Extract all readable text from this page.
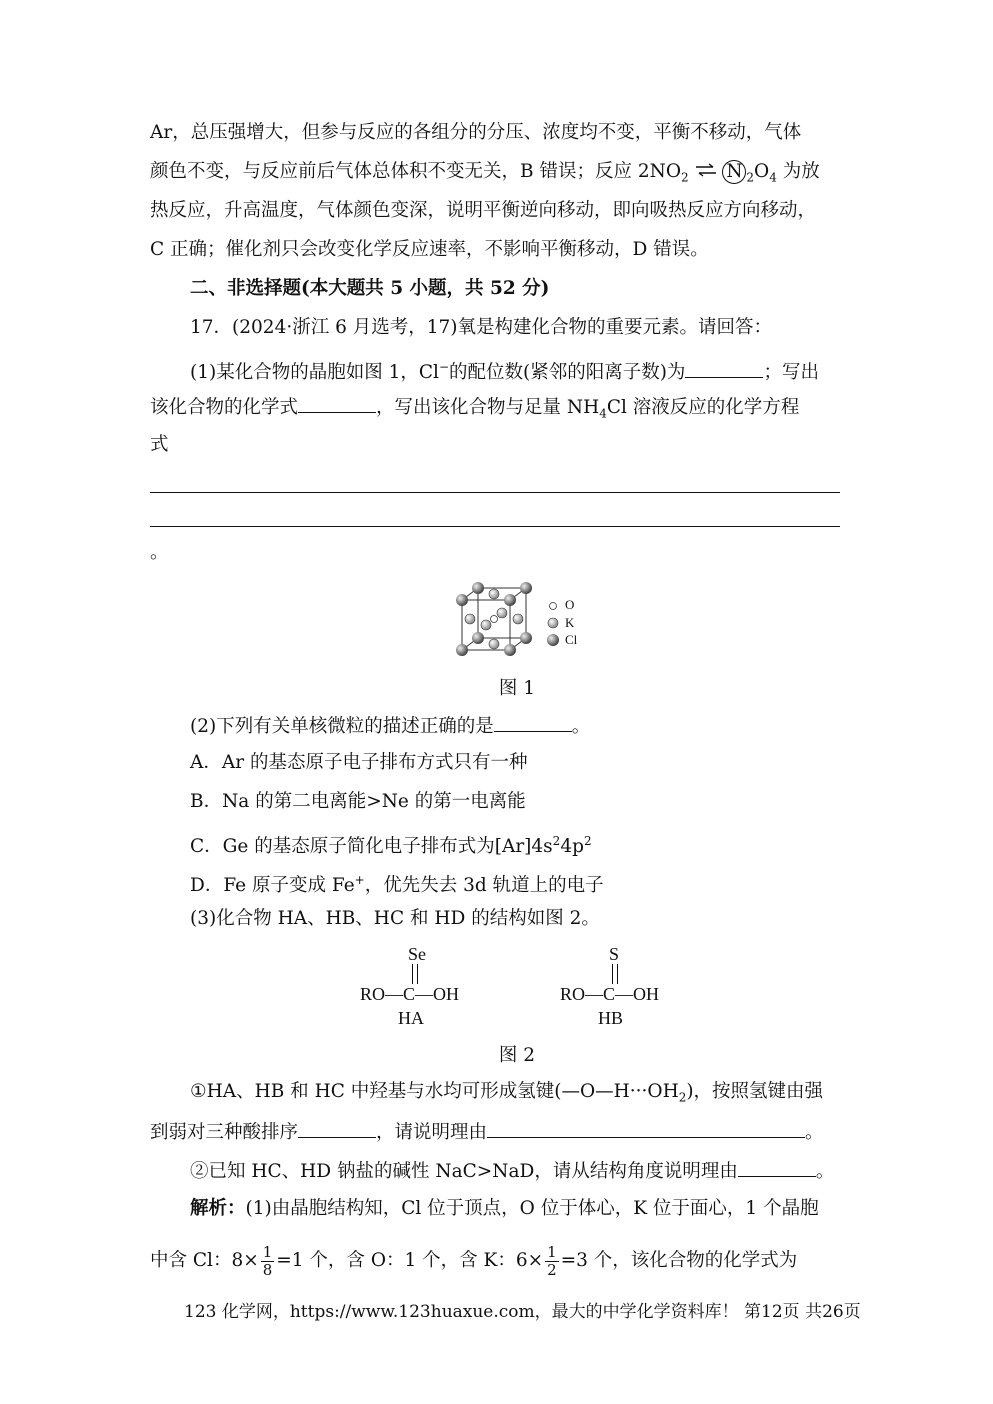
Ar，总压强增大，但参与反应的各组分的分压、浓度均不变，平衡不移动，气体
颜色不变，与反应前后气体总体积不变无关，B 错误；反应 $2NO_2$ ⇌ N $_2O_4$ 为放
热反应，升高温度，气体颜色变深，说明平衡逆向移动，即向吸热反应方向移动，
C 正确；催化剂只会改变化学反应速率，不影响平衡移动，D 错误。
二、非选择题(本大题共 5 小题，共 52 分)
17．(2024·浙江 6 月选考，17)氧是构建化合物的重要元素。请回答：
(1)某化合物的晶胞如图 1，Cl−的配位数(紧邻的阳离子数)为	；写出
该化合物的化学式	，写出该化合物与足量 $NH_4Cl$ 溶液反应的化学方程
式
。
O
K
Cl
图 1
(2)下列有关单核微粒的描述正确的是	。
A．Ar 的基态原子电子排布方式只有一种
B．Na 的第二电离能>Ne 的第一电离能
C．Ge 的基态原子简化电子排布式为$[Ar]4s^24p^2$
D．Fe 原子变成 Fe+，优先失去 3d 轨道上的电子
(3)化合物 HA、HB、HC 和 HD 的结构如图 2。
Se
RO—C—OH
HA
S
RO—C—OH
HB
图 2
①HA、HB 和 HC 中羟基与水均可形成氢键$(—O—H\cdot\cdot\cdot OH_2)$，按照氢键由强
到弱对三种酸排序	，请说明理由	。
②已知 HC、HD 钠盐的碱性 NaC>NaD，请从结构角度说明理由	。
解析：(1)由晶胞结构知，Cl 位于顶点，O 位于体心，K 位于面心，1 个晶胞
中含 Cl：$8\times \frac{1}{8} =1$ 个，含 O：1 个，含 K：$6\times \frac{1}{2} =3$ 个，该化合物的化学式为
123 化学网，https://www.123huaxue.com，最大的中学化学资料库！ 第12页 共26页
